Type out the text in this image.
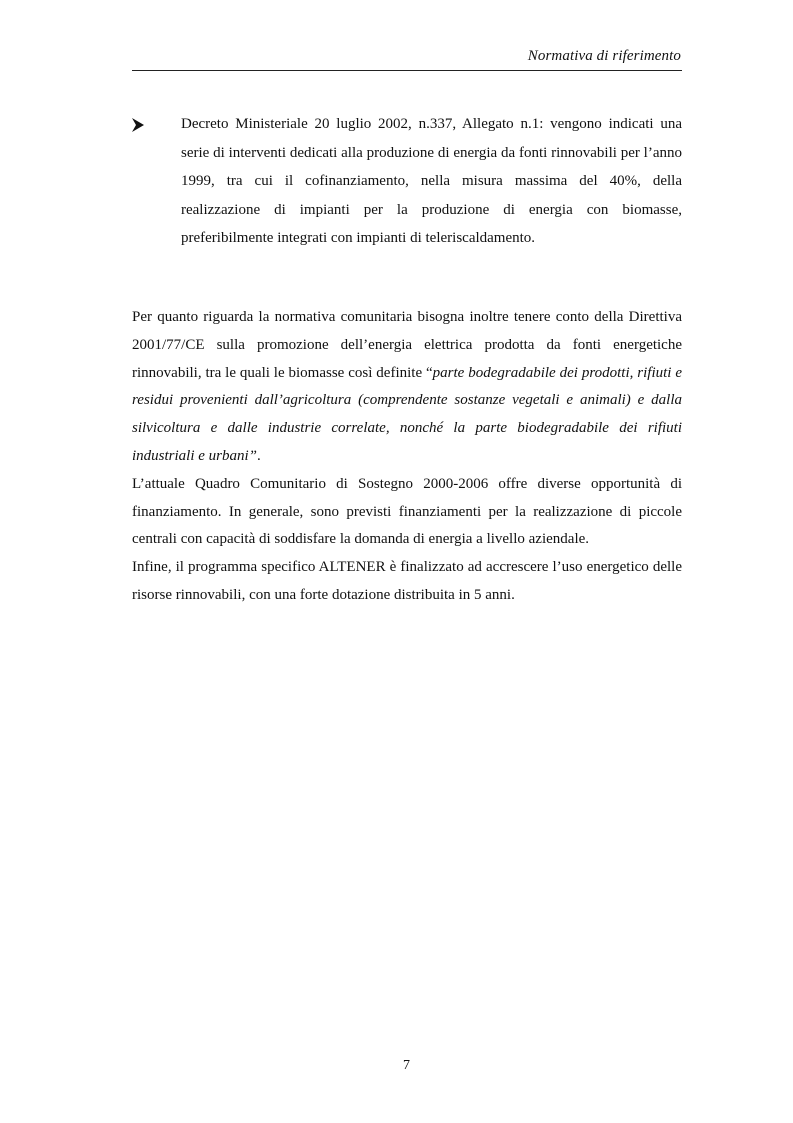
Normativa di riferimento
Decreto Ministeriale 20 luglio 2002, n.337, Allegato n.1: vengono indicati una serie di interventi dedicati alla produzione di energia da fonti rinnovabili per l’anno 1999, tra cui il cofinanziamento, nella misura massima del 40%, della realizzazione di impianti per la produzione di energia con biomasse, preferibilmente integrati con impianti di teleriscaldamento.

Per quanto riguarda la normativa comunitaria bisogna inoltre tenere conto della Direttiva 2001/77/CE sulla promozione dell’energia elettrica prodotta da fonti energetiche rinnovabili, tra le quali le biomasse così definite “parte bodegradabile dei prodotti, rifiuti e residui provenienti dall’agricoltura (comprendente sostanze vegetali e animali) e dalla silvicoltura e dalle industrie correlate, nonché la parte biodegradabile dei rifiuti industriali e urbani”.

L’attuale Quadro Comunitario di Sostegno 2000-2006 offre diverse opportunità di finanziamento. In generale, sono previsti finanziamenti per la realizzazione di piccole centrali con capacità di soddisfare la domanda di energia a livello aziendale.

Infine, il programma specifico ALTENER è finalizzato ad accrescere l’uso energetico delle risorse rinnovabili, con una forte dotazione distribuita in 5 anni.

7
